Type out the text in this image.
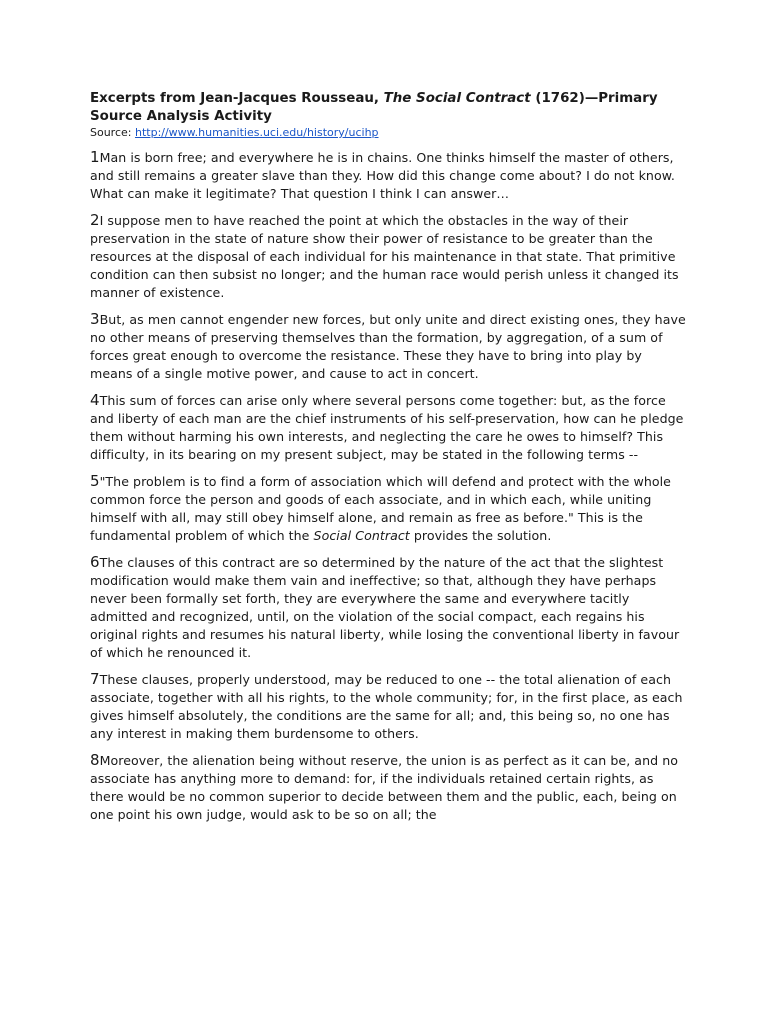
Excerpts from Jean-Jacques Rousseau, The Social Contract (1762)—Primary Source Analysis Activity

Source: http://www.humanities.uci.edu/history/ucihp

1Man is born free; and everywhere he is in chains. One thinks himself the master of others, and still remains a greater slave than they. How did this change come about? I do not know. What can make it legitimate? That question I think I can answer…

2I suppose men to have reached the point at which the obstacles in the way of their preservation in the state of nature show their power of resistance to be greater than the resources at the disposal of each individual for his maintenance in that state. That primitive condition can then subsist no longer; and the human race would perish unless it changed its manner of existence.

3But, as men cannot engender new forces, but only unite and direct existing ones, they have no other means of preserving themselves than the formation, by aggregation, of a sum of forces great enough to overcome the resistance. These they have to bring into play by means of a single motive power, and cause to act in concert.

4This sum of forces can arise only where several persons come together: but, as the force and liberty of each man are the chief instruments of his self-preservation, how can he pledge them without harming his own interests, and neglecting the care he owes to himself? This difficulty, in its bearing on my present subject, may be stated in the following terms --

5"The problem is to find a form of association which will defend and protect with the whole common force the person and goods of each associate, and in which each, while uniting himself with all, may still obey himself alone, and remain as free as before." This is the fundamental problem of which the Social Contract provides the solution.

6The clauses of this contract are so determined by the nature of the act that the slightest modification would make them vain and ineffective; so that, although they have perhaps never been formally set forth, they are everywhere the same and everywhere tacitly admitted and recognized, until, on the violation of the social compact, each regains his original rights and resumes his natural liberty, while losing the conventional liberty in favour of which he renounced it.

7These clauses, properly understood, may be reduced to one -- the total alienation of each associate, together with all his rights, to the whole community; for, in the first place, as each gives himself absolutely, the conditions are the same for all; and, this being so, no one has any interest in making them burdensome to others.

8Moreover, the alienation being without reserve, the union is as perfect as it can be, and no associate has anything more to demand: for, if the individuals retained certain rights, as there would be no common superior to decide between them and the public, each, being on one point his own judge, would ask to be so on all; the
